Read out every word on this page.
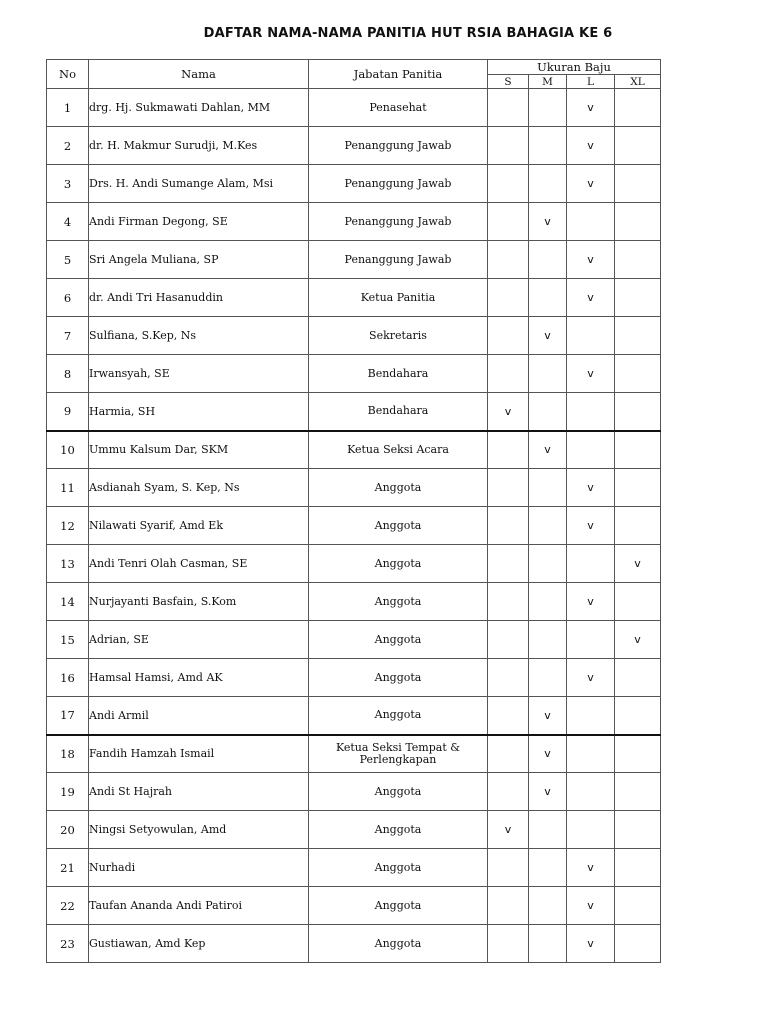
DAFTAR NAMA-NAMA PANITIA HUT RSIA BAHAGIA KE 6
No	Nama	Jabatan Panitia	Ukuran Baju			
			S	M	L	XL
1	drg. Hj. Sukmawati Dahlan, MM	Penasehat			v	
2	dr. H. Makmur Surudji, M.Kes	Penanggung Jawab			v	
3	Drs. H. Andi Sumange Alam, Msi	Penanggung Jawab			v	
4	Andi Firman Degong, SE	Penanggung Jawab		v		
5	Sri Angela Muliana, SP	Penanggung Jawab			v	
6	dr. Andi Tri Hasanuddin	Ketua Panitia			v	
7	Sulfiana, S.Kep, Ns	Sekretaris		v		
8	Irwansyah, SE	Bendahara			v	
9	Harmia, SH	Bendahara	v			
10	Ummu Kalsum Dar, SKM	Ketua Seksi Acara		v		
11	Asdianah Syam, S. Kep, Ns	Anggota			v	
12	Nilawati Syarif, Amd Ek	Anggota			v	
13	Andi Tenri Olah Casman, SE	Anggota				v
14	Nurjayanti Basfain, S.Kom	Anggota			v	
15	Adrian, SE	Anggota				v
16	Hamsal Hamsi, Amd AK	Anggota			v	
17	Andi Armil	Anggota		v		
18	Fandih Hamzah Ismail	Ketua Seksi Tempat & Perlengkapan		v		
19	Andi St Hajrah	Anggota		v		
20	Ningsi Setyowulan, Amd	Anggota	v			
21	Nurhadi	Anggota			v	
22	Taufan Ananda Andi Patiroi	Anggota			v	
23	Gustiawan, Amd Kep	Anggota			v	
